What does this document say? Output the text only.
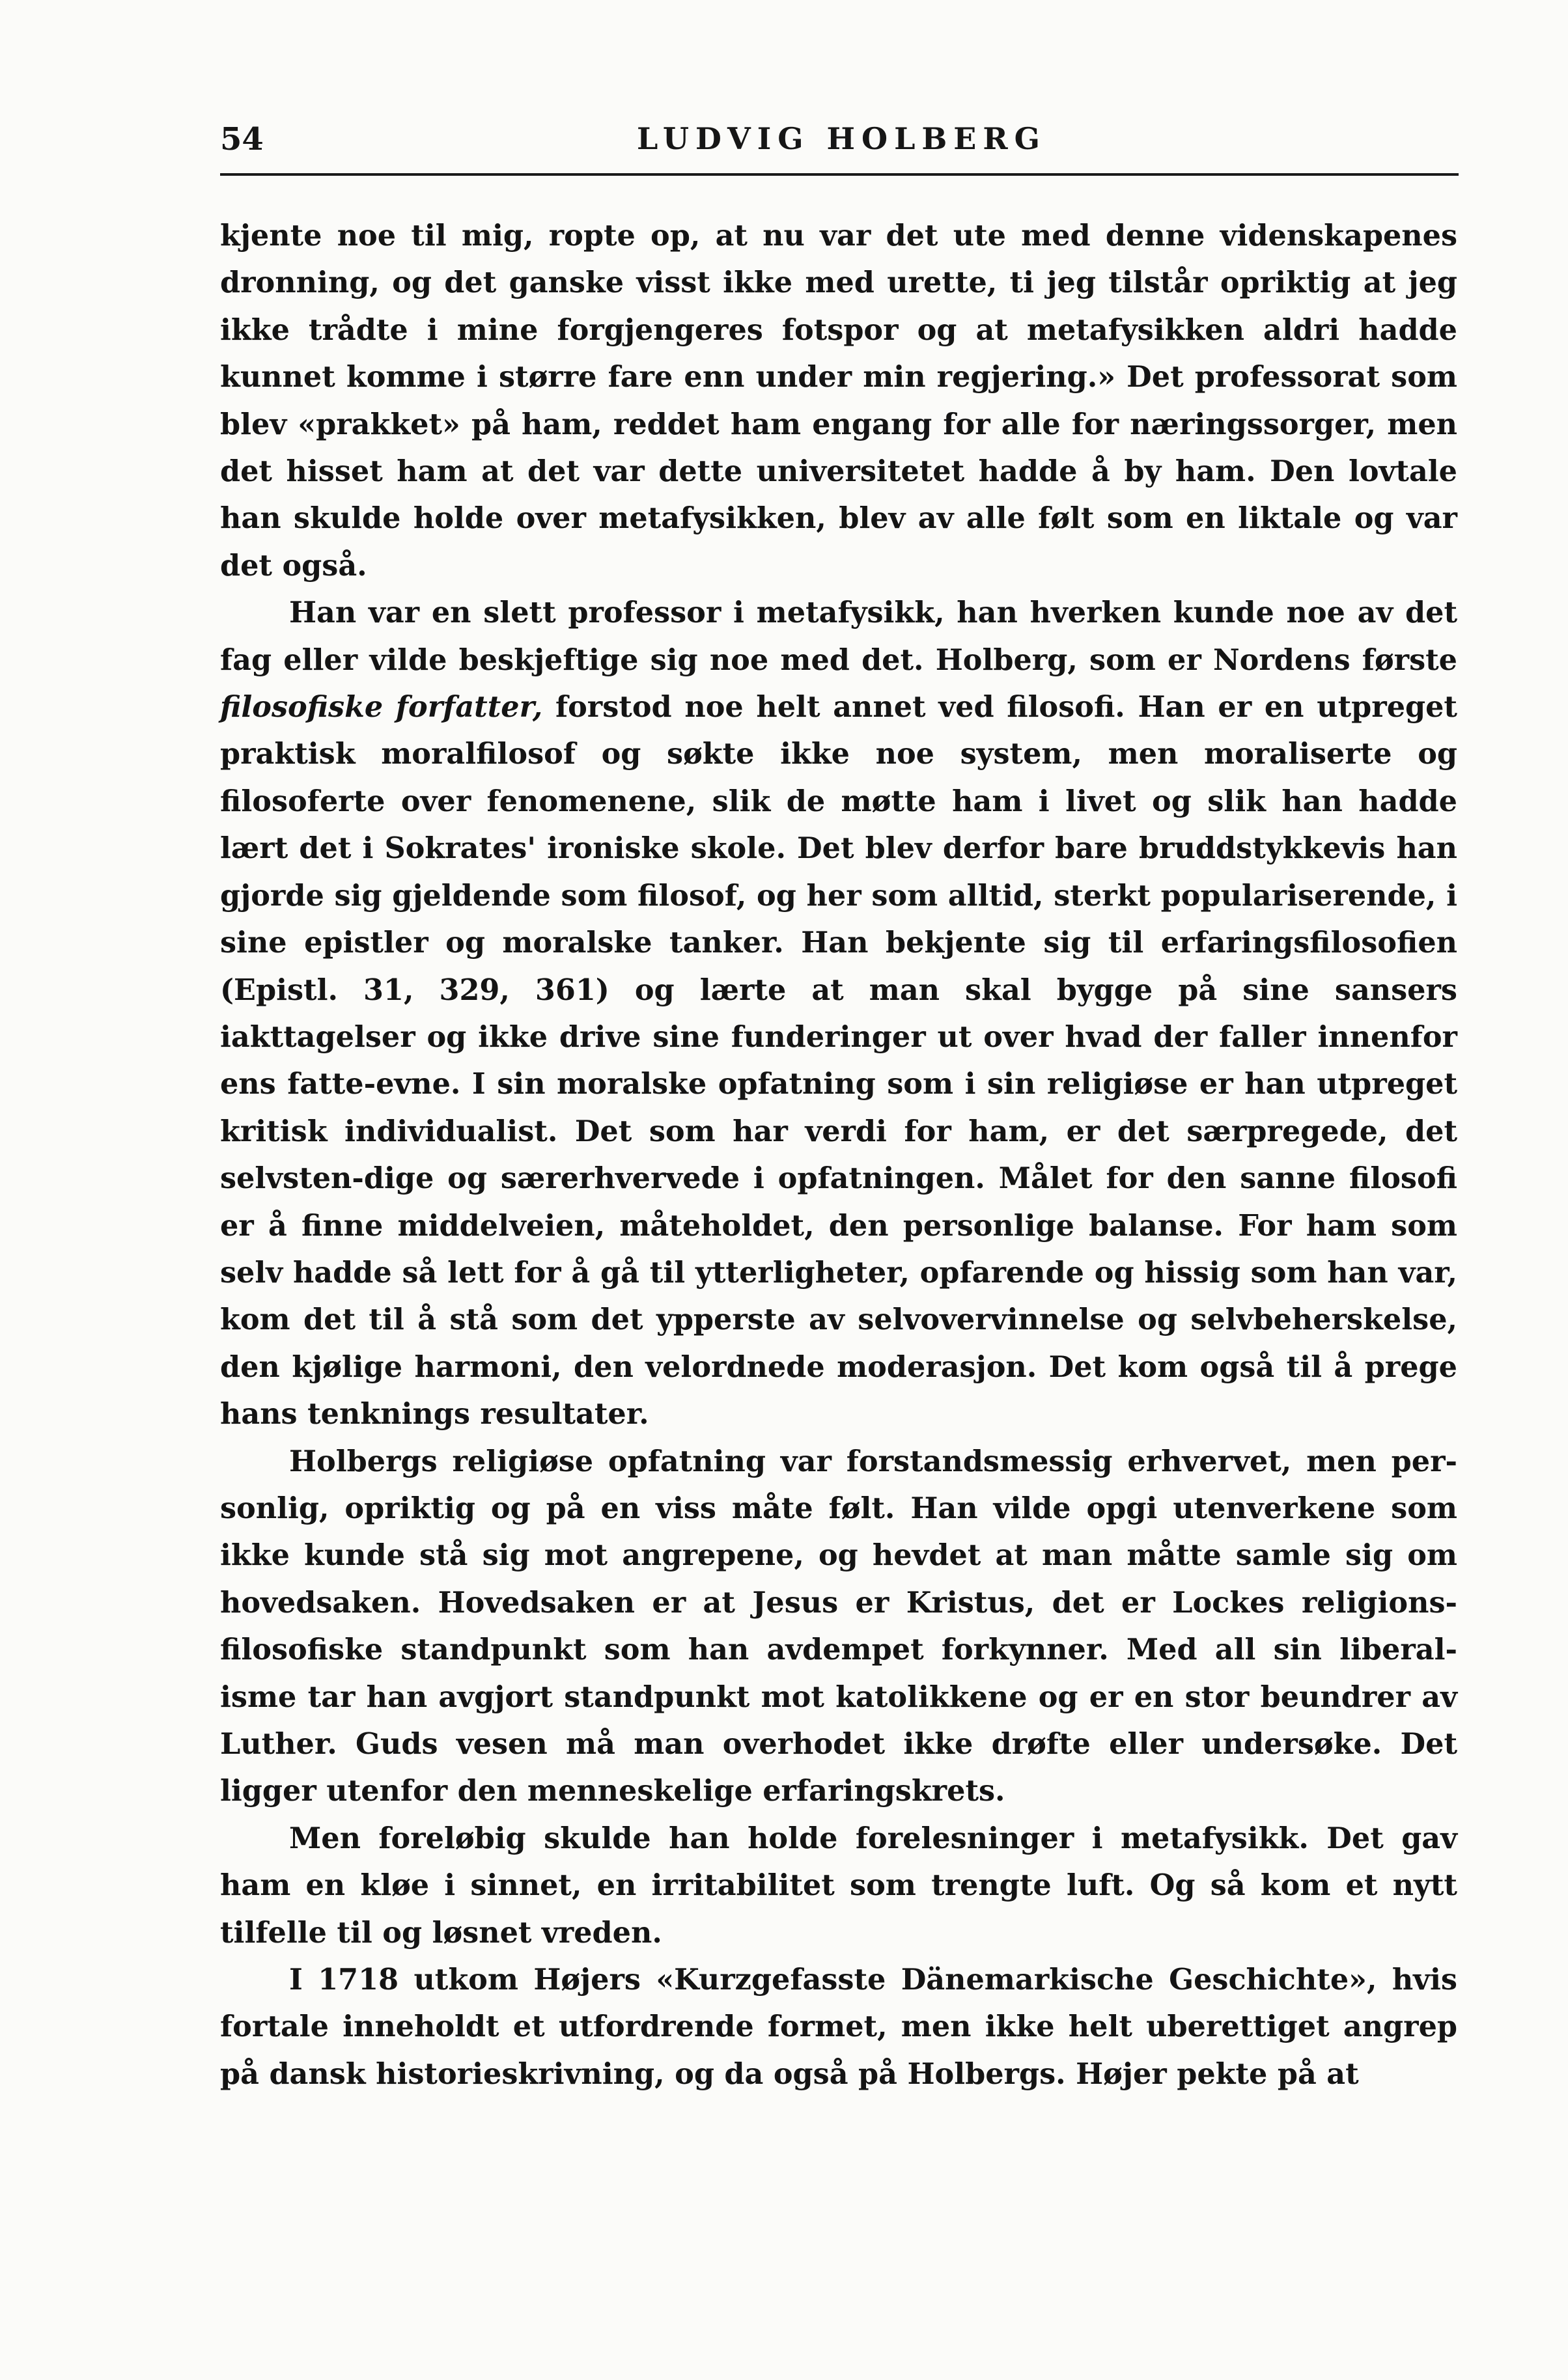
54	LUDVIG HOLBERG

kjente noe til mig, ropte op, at nu var det ute med denne videnskapenes dronning, og det ganske visst ikke med urette, ti jeg tilstår opriktig at jeg ikke trådte i mine forgjengeres fotspor og at metafysikken aldri hadde kunnet komme i større fare enn under min regjering.» Det professorat som blev «prakket» på ham, reddet ham engang for alle for næringssorger, men det hisset ham at det var dette universitetet hadde å by ham. Den lovtale han skulde holde over metafysikken, blev av alle følt som en liktale og var det også.

Han var en slett professor i metafysikk, han hverken kunde noe av det fag eller vilde beskjeftige sig noe med det. Holberg, som er Nordens første filosofiske forfatter, forstod noe helt annet ved filosofi. Han er en utpreget praktisk moralfilosof og søkte ikke noe system, men moraliserte og filosoferte over fenomenene, slik de møtte ham i livet og slik han hadde lært det i Sokrates' ironiske skole. Det blev derfor bare bruddstykkevis han gjorde sig gjeldende som filosof, og her som alltid, sterkt populariserende, i sine epistler og moralske tanker. Han bekjente sig til erfaringsfilosofien (Epistl. 31, 329, 361) og lærte at man skal bygge på sine sansers iakttagelser og ikke drive sine funderinger ut over hvad der faller innenfor ens fatte-evne. I sin moralske opfatning som i sin religiøse er han utpreget kritisk individualist. Det som har verdi for ham, er det særpregede, det selvsten-dige og særerhvervede i opfatningen. Målet for den sanne filosofi er å finne middelveien, måteholdet, den personlige balanse. For ham som selv hadde så lett for å gå til ytterligheter, opfarende og hissig som han var, kom det til å stå som det ypperste av selvovervinnelse og selvbeherskelse, den kjølige harmoni, den velordnede moderasjon. Det kom også til å prege hans tenknings resultater.

Holbergs religiøse opfatning var forstandsmessig erhvervet, men per-sonlig, opriktig og på en viss måte følt. Han vilde opgi utenverkene som ikke kunde stå sig mot angrepene, og hevdet at man måtte samle sig om hovedsaken. Hovedsaken er at Jesus er Kristus, det er Lockes religions-filosofiske standpunkt som han avdempet forkynner. Med all sin liberal-isme tar han avgjort standpunkt mot katolikkene og er en stor beundrer av Luther. Guds vesen må man overhodet ikke drøfte eller undersøke. Det ligger utenfor den menneskelige erfaringskrets.

Men foreløbig skulde han holde forelesninger i metafysikk. Det gav ham en kløe i sinnet, en irritabilitet som trengte luft. Og så kom et nytt tilfelle til og løsnet vreden.

I 1718 utkom Højers «Kurzgefasste Dänemarkische Geschichte», hvis fortale inneholdt et utfordrende formet, men ikke helt uberettiget angrep på dansk historieskrivning, og da også på Holbergs. Højer pekte på at
